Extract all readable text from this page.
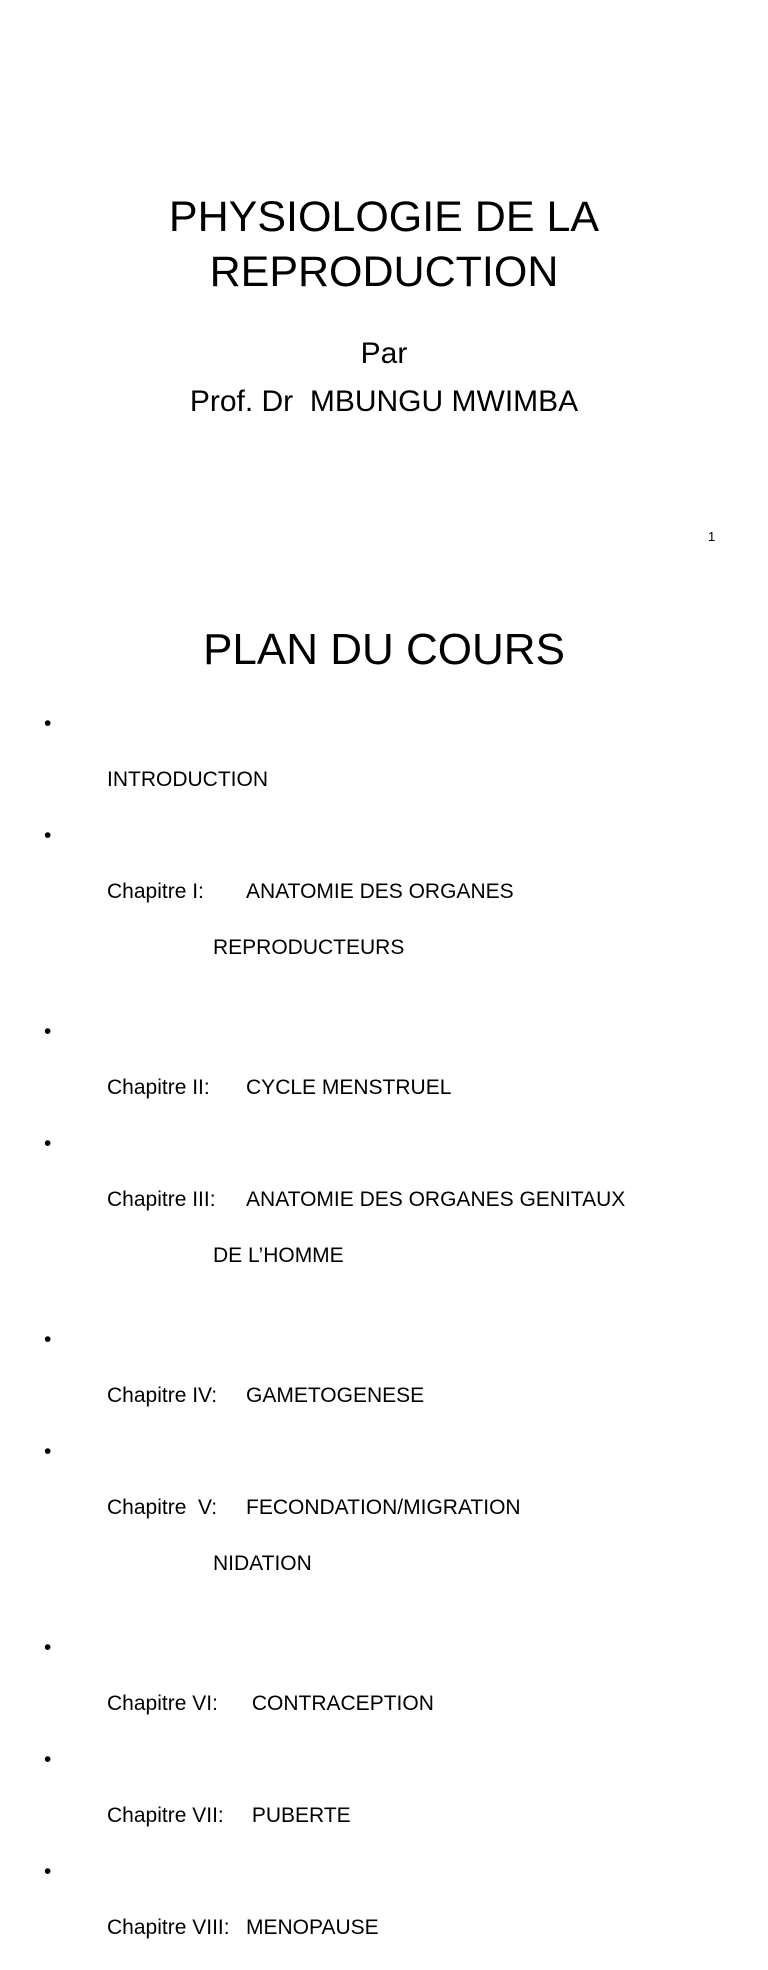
PHYSIOLOGIE DE LA
REPRODUCTION
Par
Prof. Dr  MBUNGU MWIMBA
1
PLAN DU COURS

•

INTRODUCTION

•

Chapitre I: ANATOMIE DES ORGANES

REPRODUCTEURS

•

Chapitre II: CYCLE MENSTRUEL

•

Chapitre III: ANATOMIE DES ORGANES GENITAUX

DE L’HOMME

•

Chapitre IV: GAMETOGENESE

•

Chapitre  V: FECONDATION/MIGRATION

NIDATION

•

Chapitre VI: CONTRACEPTION

•

Chapitre VII: PUBERTE

•

Chapitre VIII: MENOPAUSE
